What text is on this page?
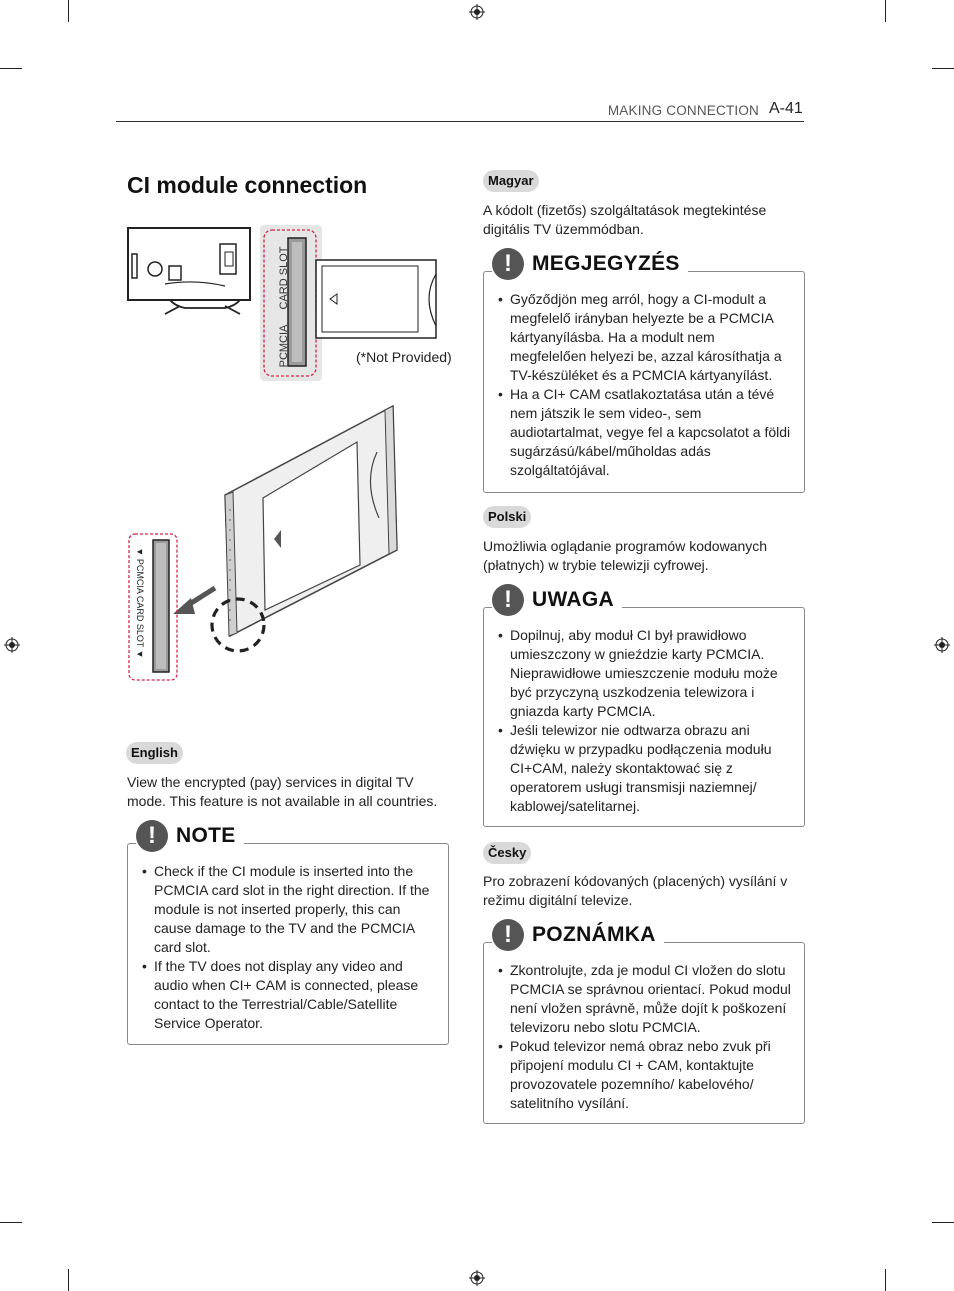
MAKING CONNECTION A-41
CI module connection
CARD SLOT
PCMCIA	(*Not Provided)
▼ PCMCIA CARD SLOT ▼
English
View the encrypted (pay) services in digital TV mode. This feature is not available in all countries.
! NOTE
• Check if the CI module is inserted into the PCMCIA card slot in the right direction. If the module is not inserted properly, this can cause damage to the TV and the PCMCIA card slot.
• If the TV does not display any video and audio when CI+ CAM is connected, please contact to the Terrestrial/Cable/Satellite Service Operator.
Magyar
A kódolt (fizetős) szolgáltatások megtekintése digitális TV üzemmódban.
! MEGJEGYZÉS
• Győződjön meg arról, hogy a CI-modult a megfelelő irányban helyezte be a PCMCIA kártyanyílásba. Ha a modult nem megfelelően helyezi be, azzal károsíthatja a TV-készüléket és a PCMCIA kártyanyílást.
• Ha a CI+ CAM csatlakoztatása után a tévé nem játszik le sem video-, sem audiotartalmat, vegye fel a kapcsolatot a földi sugárzású/kábel/műholdas adás szolgáltatójával.
Polski
Umożliwia oglądanie programów kodowanych (płatnych) w trybie telewizji cyfrowej.
! UWAGA
• Dopilnuj, aby moduł CI był prawidłowo umieszczony w gnieździe karty PCMCIA. Nieprawidłowe umieszczenie modułu może być przyczyną uszkodzenia telewizora i gniazda karty PCMCIA.
• Jeśli telewizor nie odtwarza obrazu ani dźwięku w przypadku podłączenia modułu CI+CAM, należy skontaktować się z operatorem usługi transmisji naziemnej/ kablowej/satelitarnej.
Česky
Pro zobrazení kódovaných (placených) vysílání v režimu digitální televize.
! POZNÁMKA
• Zkontrolujte, zda je modul CI vložen do slotu PCMCIA se správnou orientací. Pokud modul není vložen správně, může dojít k poškození televizoru nebo slotu PCMCIA.
• Pokud televizor nemá obraz nebo zvuk při připojení modulu CI + CAM, kontaktujte provozovatele pozemního/ kabelového/ satelitního vysílání.
